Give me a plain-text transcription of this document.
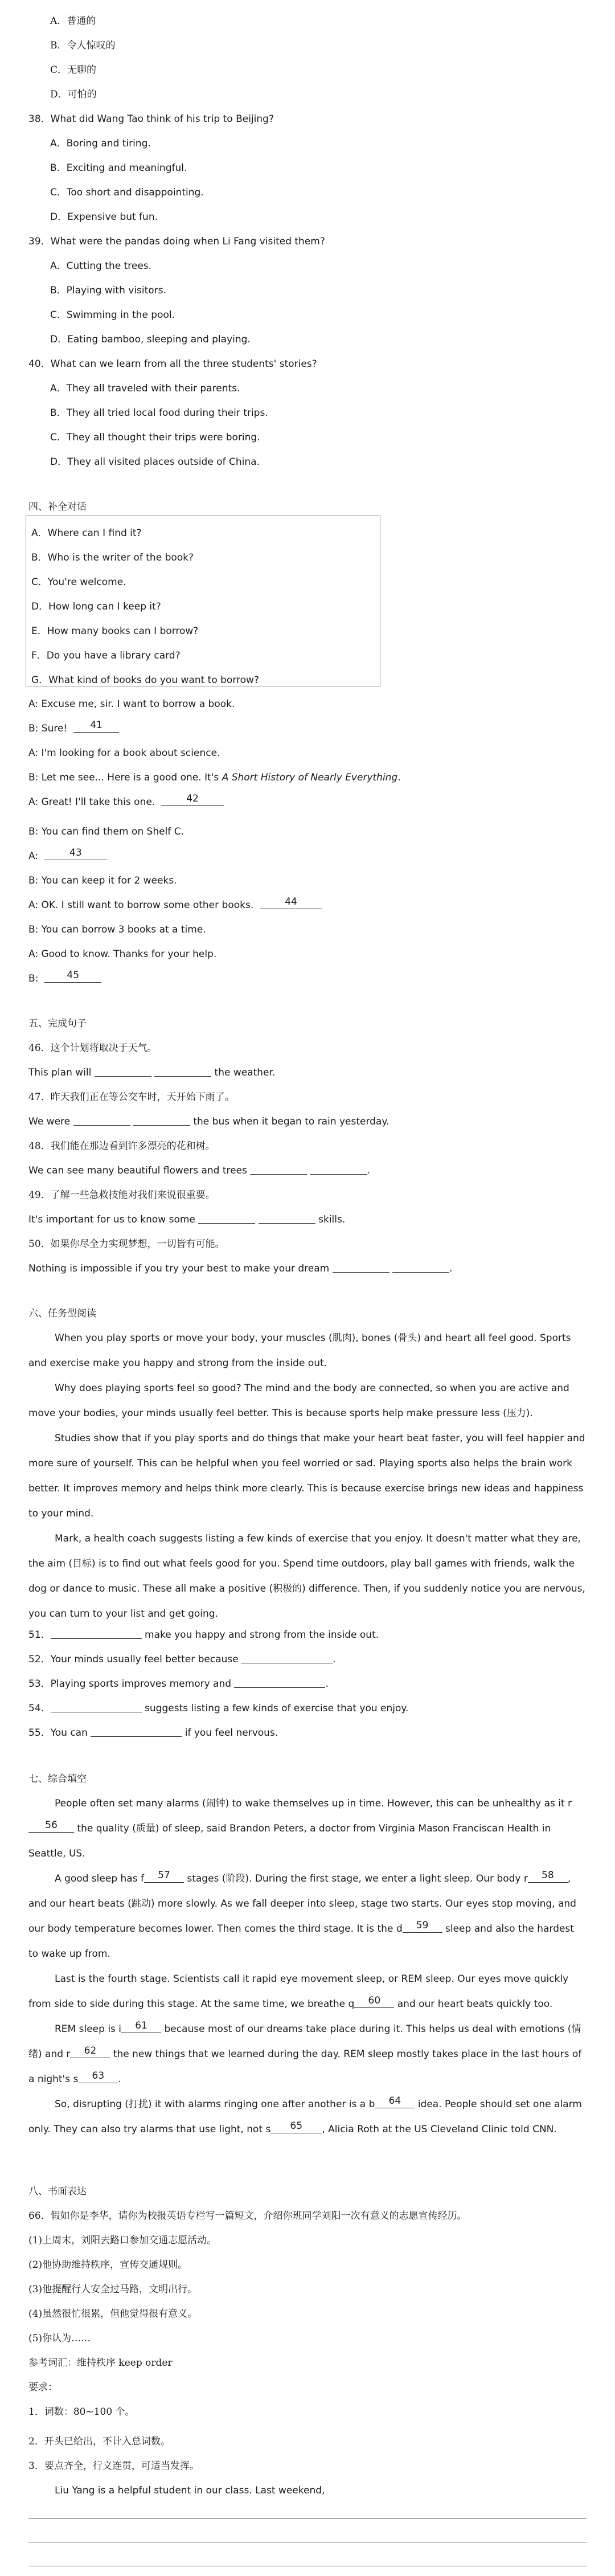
A．普通的
B．令人惊叹的
C．无聊的
D．可怕的
38．What did Wang Tao think of his trip to Beijing?
A．Boring and tiring.
B．Exciting and meaningful.
C．Too short and disappointing.
D．Expensive but fun.
39．What were the pandas doing when Li Fang visited them?
A．Cutting the trees.
B．Playing with visitors.
C．Swimming in the pool.
D．Eating bamboo, sleeping and playing.
40．What can we learn from all the three students' stories?
A．They all traveled with their parents.
B．They all tried local food during their trips.
C．They all thought their trips were boring.
D．They all visited places outside of China.
四、补全对话
A．Where can I find it?
B．Who is the writer of the book?
C．You're welcome.
D．How long can I keep it?
E．How many books can I borrow?
F．Do you have a library card?
G．What kind of books do you want to borrow?
A: Excuse me, sir. I want to borrow a book.
B: Sure!	41
A: I'm looking for a book about science.
B: Let me see... Here is a good one. It's A Short History of Nearly Everything.
A: Great! I'll take this one.	42
B: You can find them on Shelf C.
A:	43
B: You can keep it for 2 weeks.
A: OK. I still want to borrow some other books.	44
B: You can borrow 3 books at a time.
A: Good to know. Thanks for your help.
B:	45
五、完成句子
46．这个计划将取决于天气。
This plan will	the weather.
47．昨天我们正在等公交车时，天开始下雨了。
We were	the bus when it began to rain yesterday.
48．我们能在那边看到许多漂亮的花和树。
We can see many beautiful flowers and trees	.
49．了解一些急救技能对我们来说很重要。
It's important for us to know some	skills.
50．如果你尽全力实现梦想，一切皆有可能。
Nothing is impossible if you try your best to make your dream	.
六、任务型阅读
When you play sports or move your body, your muscles (肌肉), bones (骨头) and heart all feel good. Sports and exercise make you happy and strong from the inside out.
Why does playing sports feel so good? The mind and the body are connected, so when you are active and move your bodies, your minds usually feel better. This is because sports help make pressure less (压力).
Studies show that if you play sports and do things that make your heart beat faster, you will feel happier and more sure of yourself. This can be helpful when you feel worried or sad. Playing sports also helps the brain work better. It improves memory and helps think more clearly. This is because exercise brings new ideas and happiness to your mind.
Mark, a health coach suggests listing a few kinds of exercise that you enjoy. It doesn't matter what they are, the aim (目标) is to find out what feels good for you. Spend time outdoors, play ball games with friends, walk the dog or dance to music. These all make a positive (积极的) difference. Then, if you suddenly notice you are nervous, you can turn to your list and get going.
51．	make you happy and strong from the inside out.
52．Your minds usually feel better because	.
53．Playing sports improves memory and	.
54．	suggests listing a few kinds of exercise that you enjoy.
55．You can	if you feel nervous.
七、综合填空
People often set many alarms (闹钟) to wake themselves up in time. However, this can be unhealthy as it r
56	the quality (质量) of sleep, said Brandon Peters, a doctor from Virginia Mason Franciscan Health in Seattle, US.
A good sleep has f	57	stages (阶段). During the first stage, we enter a light sleep. Our body r	58	, and our heart beats (跳动) more slowly. As we fall deeper into sleep, stage two starts. Our eyes stop moving, and our body temperature becomes lower. Then comes the third stage. It is the d	59	sleep and also the hardest to wake up from.
Last is the fourth stage. Scientists call it rapid eye movement sleep, or REM sleep. Our eyes move quickly from side to side during this stage. At the same time, we breathe q	60	and our heart beats quickly too.
REM sleep is i	61	because most of our dreams take place during it. This helps us deal with emotions (情绪) and r	62	the new things that we learned during the day. REM sleep mostly takes place in the last hours of a night's s	63	.
So, disrupting (打扰) it with alarms ringing one after another is a b	64	idea. People should set one alarm only. They can also try alarms that use light, not s	65	, Alicia Roth at the US Cleveland Clinic told CNN.
八、书面表达
66．假如你是李华，请你为校报英语专栏写一篇短文，介绍你班同学刘阳一次有意义的志愿宣传经历。
(1)上周末，刘阳去路口参加交通志愿活动。
(2)他协助维持秩序，宣传交通规则。
(3)他提醒行人安全过马路，文明出行。
(4)虽然很忙很累，但他觉得很有意义。
(5)你认为……
参考词汇：维持秩序 keep order
要求：
1．词数：80~100 个。
2．开头已给出，不计入总词数。
3．要点齐全，行文连贯，可适当发挥。
Liu Yang is a helpful student in our class. Last weekend,
